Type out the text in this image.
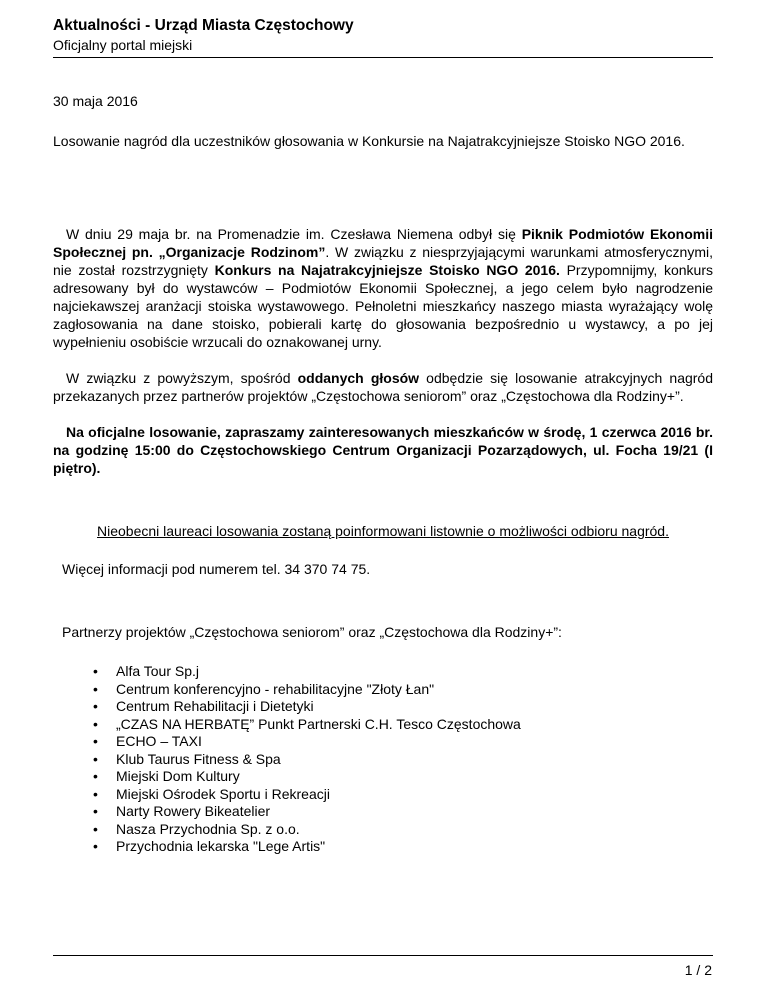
Aktualności - Urząd Miasta Częstochowy
Oficjalny portal miejski

30 maja 2016

Losowanie nagród dla uczestników głosowania w Konkursie na Najatrakcyjniejsze Stoisko NGO 2016.

W dniu 29 maja br. na Promenadzie im. Czesława Niemena odbył się Piknik Podmiotów Ekonomii Społecznej pn. „Organizacje Rodzinom”. W związku z niesprzyjającymi warunkami atmosferycznymi, nie został rozstrzygnięty Konkurs na Najatrakcyjniejsze Stoisko NGO 2016. Przypomnijmy, konkurs adresowany był do wystawców – Podmiotów Ekonomii Społecznej, a jego celem było nagrodzenie najciekawszej aranżacji stoiska wystawowego. Pełnoletni mieszkańcy naszego miasta wyrażający wolę zagłosowania na dane stoisko, pobierali kartę do głosowania bezpośrednio u wystawcy, a po jej wypełnieniu osobiście wrzucali do oznakowanej urny.

W związku z powyższym, spośród oddanych głosów odbędzie się losowanie atrakcyjnych nagród przekazanych przez partnerów projektów „Częstochowa seniorom” oraz „Częstochowa dla Rodziny+”.

Na oficjalne losowanie, zapraszamy zainteresowanych mieszkańców w środę, 1 czerwca 2016 br. na godzinę 15:00 do Częstochowskiego Centrum Organizacji Pozarządowych, ul. Focha 19/21 (I piętro).

Nieobecni laureaci losowania zostaną poinformowani listownie o możliwości odbioru nagród.

Więcej informacji pod numerem tel. 34 370 74 75.

Partnerzy projektów „Częstochowa seniorom” oraz „Częstochowa dla Rodziny+”:

• Alfa Tour Sp.j
• Centrum konferencyjno - rehabilitacyjne "Złoty Łan"
• Centrum Rehabilitacji i Dietetyki
• „CZAS NA HERBATĘ” Punkt Partnerski C.H. Tesco Częstochowa
• ECHO – TAXI
• Klub Taurus Fitness & Spa
• Miejski Dom Kultury
• Miejski Ośrodek Sportu i Rekreacji
• Narty Rowery Bikeatelier
• Nasza Przychodnia Sp. z o.o.
• Przychodnia lekarska "Lege Artis"
1 / 2
